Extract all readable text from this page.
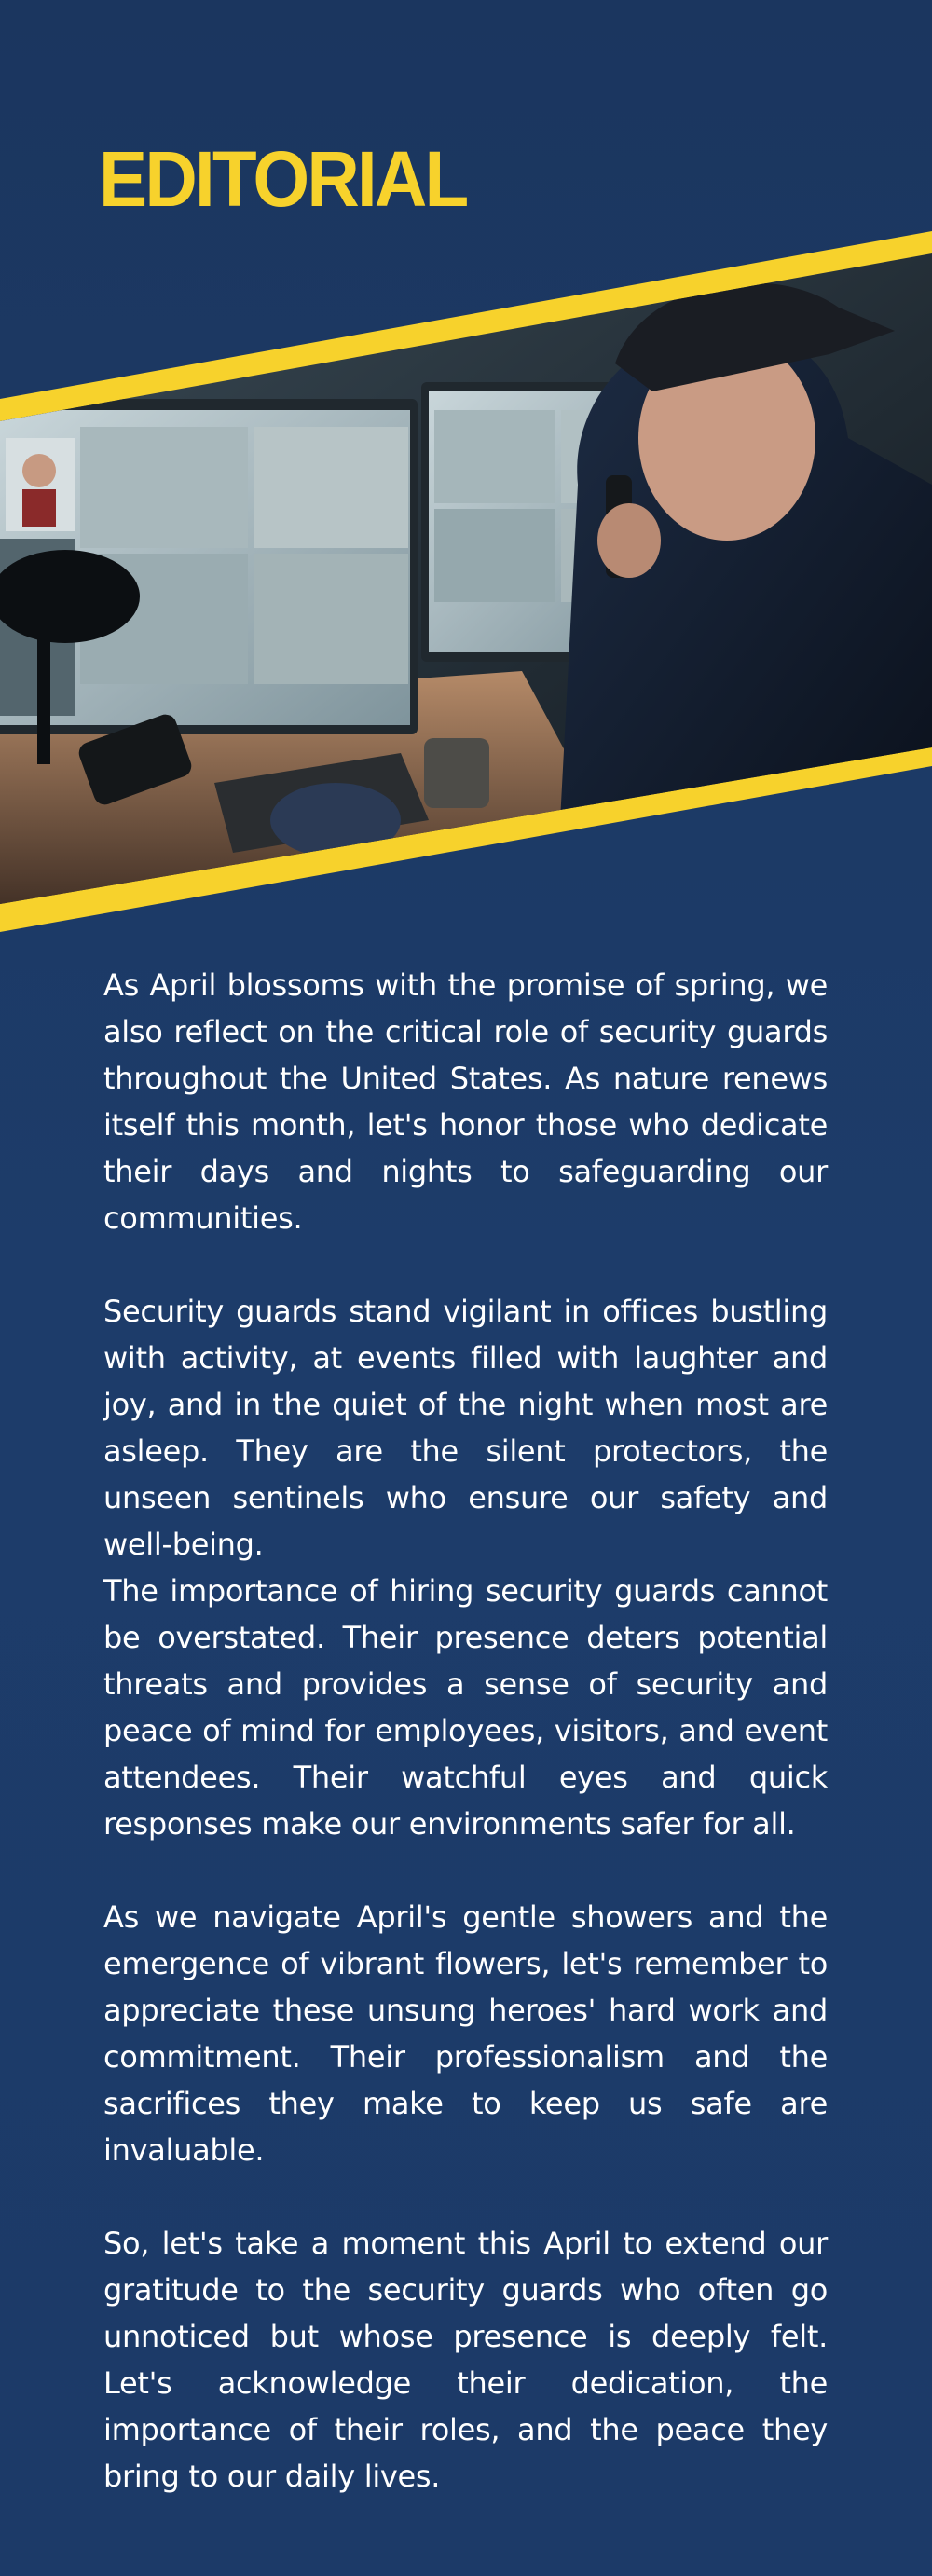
EDITORIAL

As April blossoms with the promise of spring, we also reflect on the critical role of security guards throughout the United States. As nature renews itself this month, let's honor those who dedicate their days and nights to safeguarding our communities.

Security guards stand vigilant in offices bustling with activity, at events filled with laughter and joy, and in the quiet of the night when most are asleep. They are the silent protectors, the unseen sentinels who ensure our safety and well-being.

The importance of hiring security guards cannot be overstated. Their presence deters potential threats and provides a sense of security and peace of mind for employees, visitors, and event attendees. Their watchful eyes and quick responses make our environments safer for all.

As we navigate April's gentle showers and the emergence of vibrant flowers, let's remember to appreciate these unsung heroes' hard work and commitment. Their professionalism and the sacrifices they make to keep us safe are invaluable.

So, let's take a moment this April to extend our gratitude to the security guards who often go unnoticed but whose presence is deeply felt. Let's acknowledge their dedication, the importance of their roles, and the peace they bring to our daily lives.
